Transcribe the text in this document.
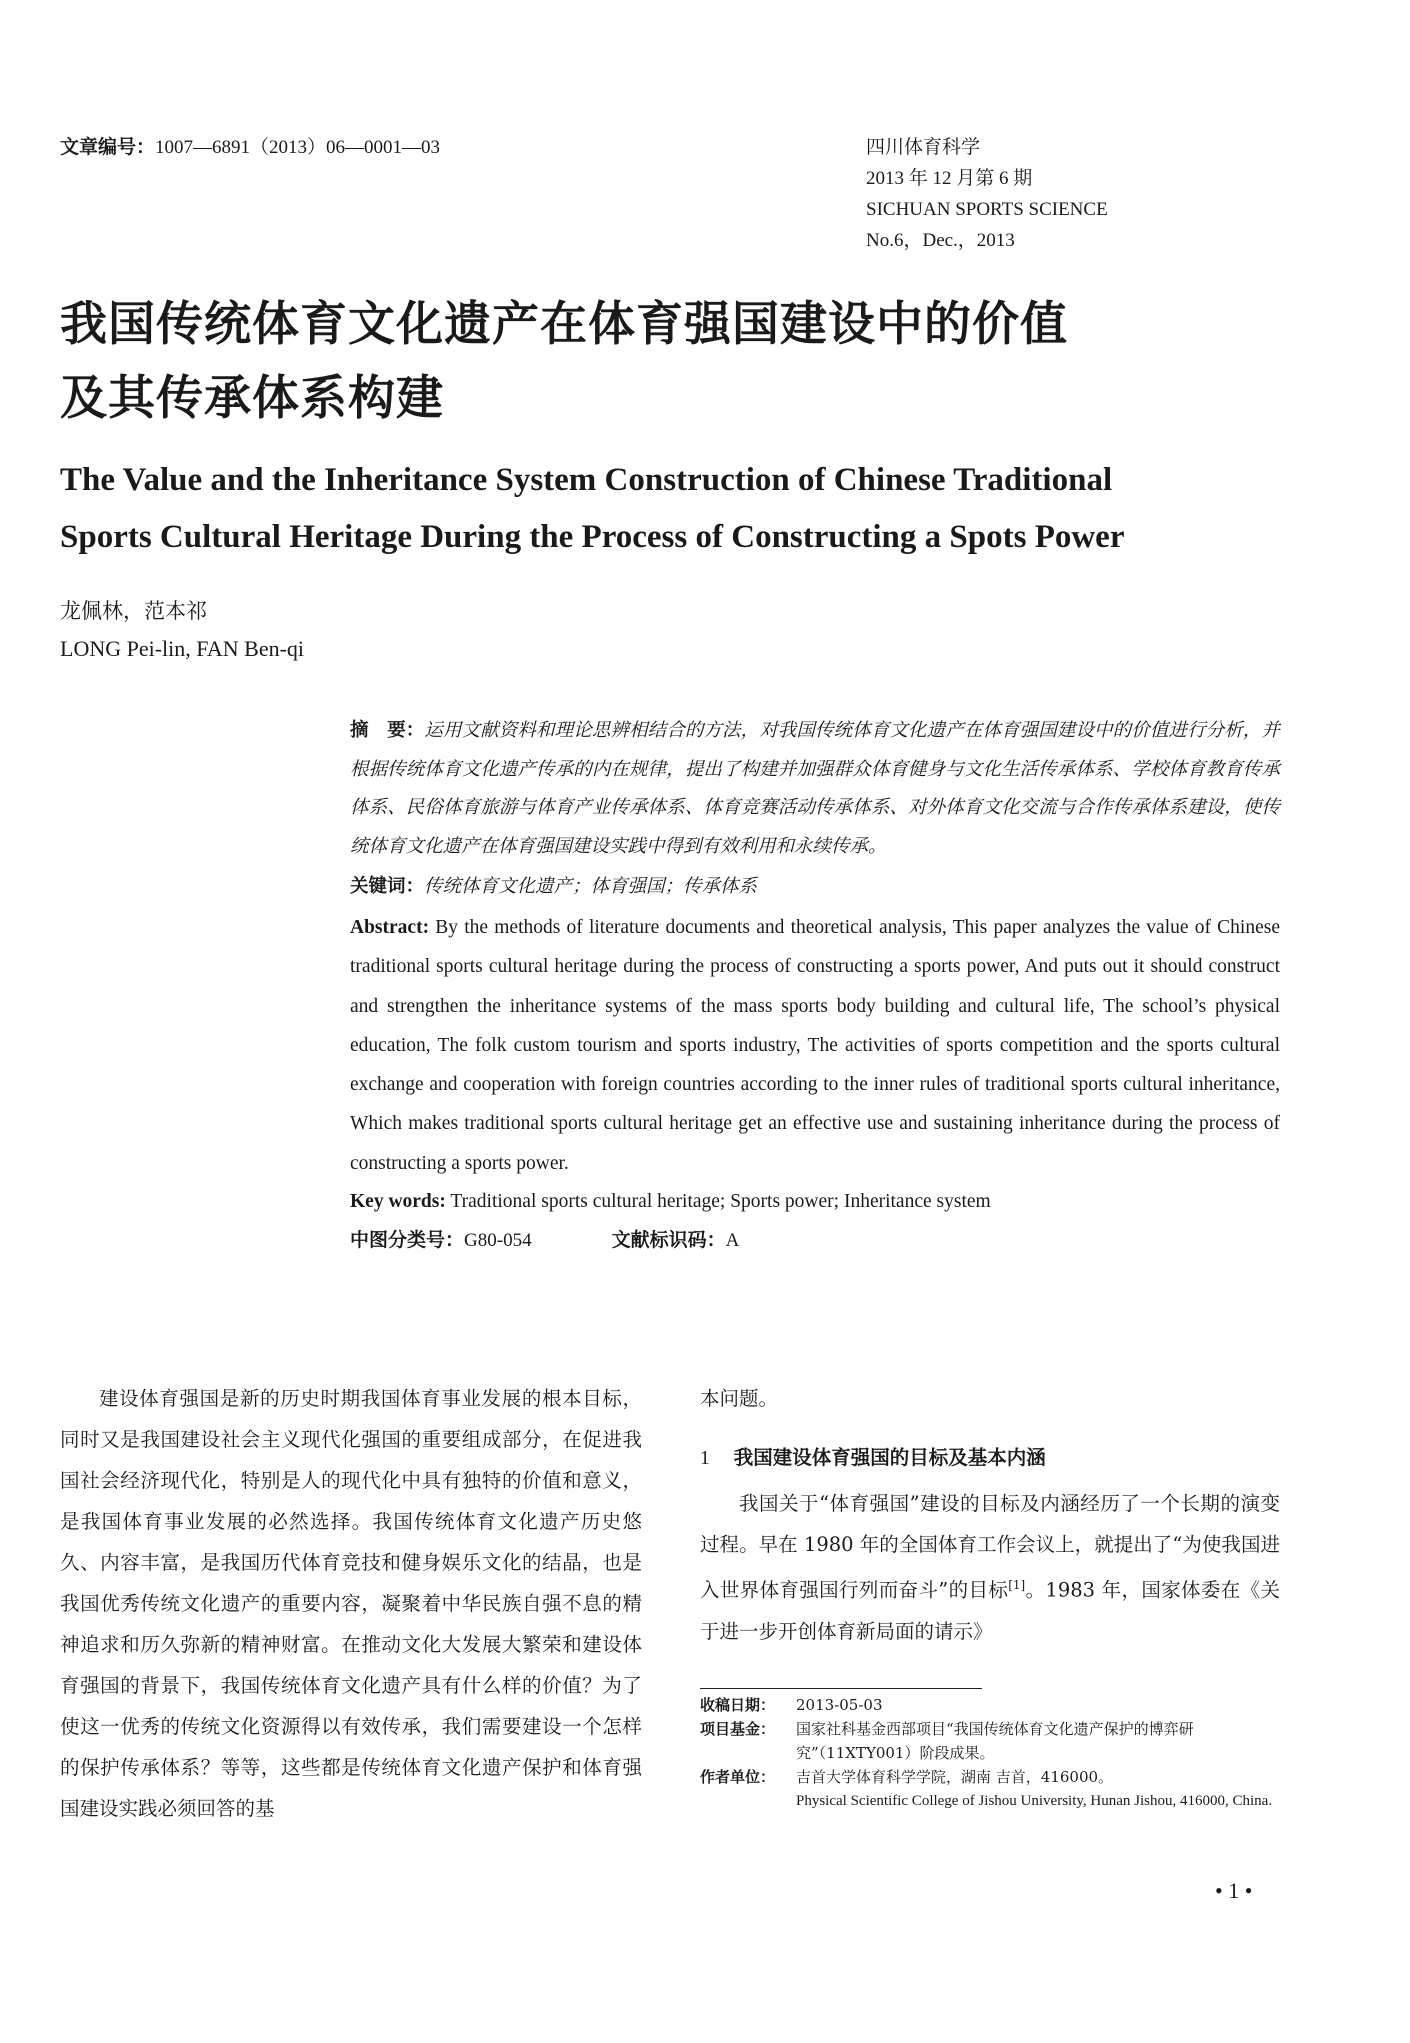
文章编号：1007—6891（2013）06—0001—03	四川体育科学
2013 年 12 月第 6 期
SICHUAN SPORTS SCIENCE
No.6，Dec.，2013
我国传统体育文化遗产在体育强国建设中的价值
及其传承体系构建
The Value and the Inheritance System Construction of Chinese Traditional
Sports Cultural Heritage During the Process of Constructing a Spots Power
龙佩林，范本祁
LONG Pei-lin, FAN Ben-qi
摘　要：运用文献资料和理论思辨相结合的方法，对我国传统体育文化遗产在体育强国建设中的价值进行分析，并根据传统体育文化遗产传承的内在规律，提出了构建并加强群众体育健身与文化生活传承体系、学校体育教育传承体系、民俗体育旅游与体育产业传承体系、体育竞赛活动传承体系、对外体育文化交流与合作传承体系建设，使传统体育文化遗产在体育强国建设实践中得到有效利用和永续传承。
关键词：传统体育文化遗产；体育强国；传承体系
Abstract: By the methods of literature documents and theoretical analysis, This paper analyzes the value of Chinese traditional sports cultural heritage during the process of constructing a sports power, And puts out it should construct and strengthen the inheritance systems of the mass sports body building and cultural life, The school’s physical education, The folk custom tourism and sports industry, The activities of sports competition and the sports cultural exchange and cooperation with foreign countries according to the inner rules of traditional sports cultural inheritance, Which makes traditional sports cultural heritage get an effective use and sustaining inheritance during the process of constructing a sports power.
Key words: Traditional sports cultural heritage; Sports power; Inheritance system
中图分类号：G80-054	文献标识码：A

建设体育强国是新的历史时期我国体育事业发展的根本目标，同时又是我国建设社会主义现代化强国的重要组成部分，在促进我国社会经济现代化，特别是人的现代化中具有独特的价值和意义，是我国体育事业发展的必然选择。我国传统体育文化遗产历史悠久、内容丰富，是我国历代体育竞技和健身娱乐文化的结晶，也是我国优秀传统文化遗产的重要内容，凝聚着中华民族自强不息的精神追求和历久弥新的精神财富。在推动文化大发展大繁荣和建设体育强国的背景下，我国传统体育文化遗产具有什么样的价值？为了使这一优秀的传统文化资源得以有效传承，我们需要建设一个怎样的保护传承体系？等等，这些都是传统体育文化遗产保护和体育强国建设实践必须回答的基

本问题。

1 我国建设体育强国的目标及基本内涵

我国关于“体育强国”建设的目标及内涵经历了一个长期的演变过程。早在 1980 年的全国体育工作会议上，就提出了“为使我国进入世界体育强国行列而奋斗”的目标[1]。1983 年，国家体委在《关于进一步开创体育新局面的请示》

收稿日期：	2013-05-03
项目基金：	国家社科基金西部项目“我国传统体育文化遗产保护的博弈研究”（11XTY001）阶段成果。
作者单位：	吉首大学体育科学学院，湖南 吉首，416000。
Physical Scientific College of Jishou University, Hunan Jishou, 416000, China.
• 1 •
